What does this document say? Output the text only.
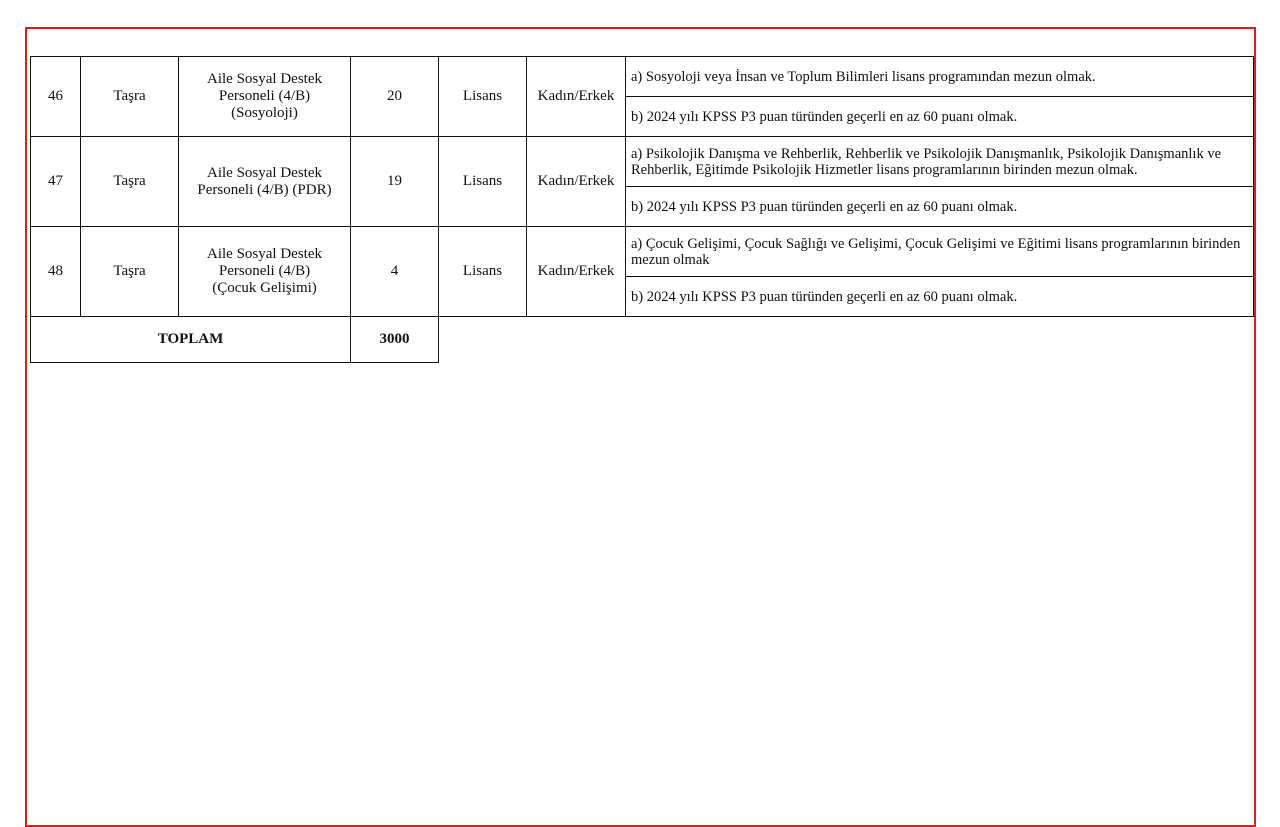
46	Taşra	Aile Sosyal Destek
Personeli (4/B)
(Sosyoloji)	20	Lisans	Kadın/Erkek	a) Sosyoloji veya İnsan ve Toplum Bilimleri lisans programından mezun olmak.
						b) 2024 yılı KPSS P3 puan türünden geçerli en az 60 puanı olmak.
47	Taşra	Aile Sosyal Destek
Personeli (4/B) (PDR)	19	Lisans	Kadın/Erkek	a) Psikolojik Danışma ve Rehberlik, Rehberlik ve Psikolojik Danışmanlık, Psikolojik Danışmanlık ve Rehberlik, Eğitimde Psikolojik Hizmetler lisans programlarının birinden mezun olmak.
						b) 2024 yılı KPSS P3 puan türünden geçerli en az 60 puanı olmak.
48	Taşra	Aile Sosyal Destek
Personeli (4/B)
(Çocuk Gelişimi)	4	Lisans	Kadın/Erkek	a) Çocuk Gelişimi, Çocuk Sağlığı ve Gelişimi, Çocuk Gelişimi ve Eğitimi lisans programlarının birinden mezun olmak
						b) 2024 yılı KPSS P3 puan türünden geçerli en az 60 puanı olmak.
TOPLAM			3000			
